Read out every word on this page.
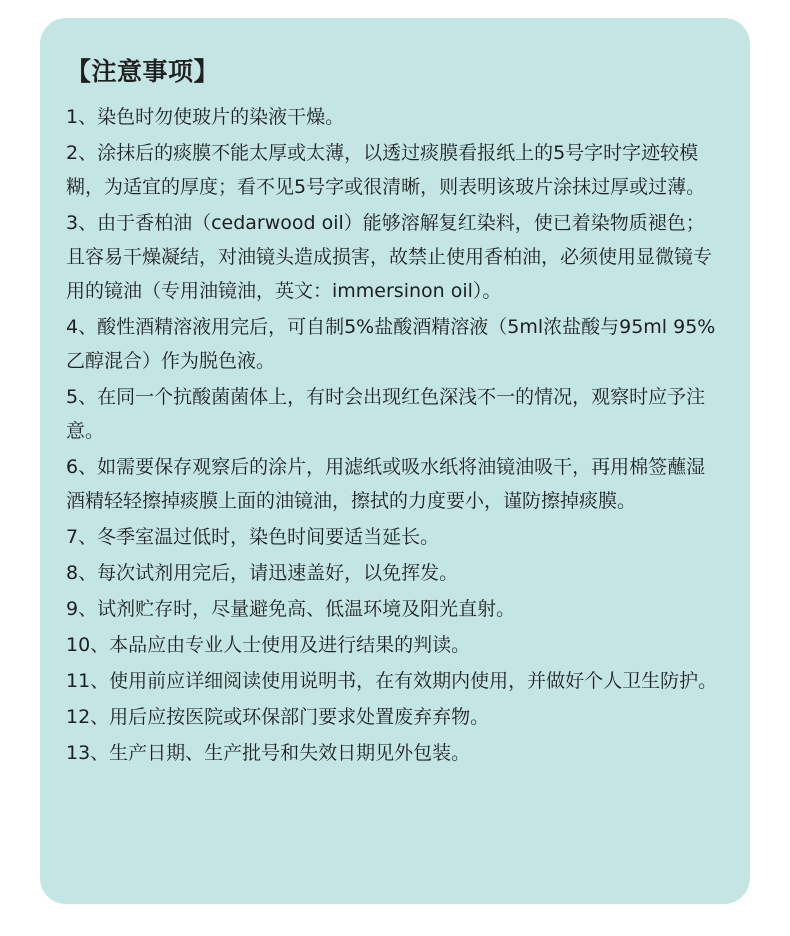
【注意事项】
1、染色时勿使玻片的染液干燥。
2、涂抹后的痰膜不能太厚或太薄，以透过痰膜看报纸上的5号字时字迹较模糊，为适宜的厚度；看不见5号字或很清晰，则表明该玻片涂抹过厚或过薄。
3、由于香柏油（cedarwood oil）能够溶解复红染料，使已着染物质褪色；且容易干燥凝结，对油镜头造成损害，故禁止使用香柏油，必须使用显微镜专用的镜油（专用油镜油，英文：immersinon oil）。
4、酸性酒精溶液用完后，可自制5%盐酸酒精溶液（5ml浓盐酸与95ml 95%乙醇混合）作为脱色液。
5、在同一个抗酸菌菌体上，有时会出现红色深浅不一的情况，观察时应予注意。
6、如需要保存观察后的涂片，用滤纸或吸水纸将油镜油吸干，再用棉签蘸湿酒精轻轻擦掉痰膜上面的油镜油，擦拭的力度要小，谨防擦掉痰膜。
7、冬季室温过低时，染色时间要适当延长。
8、每次试剂用完后，请迅速盖好，以免挥发。
9、试剂贮存时，尽量避免高、低温环境及阳光直射。
10、本品应由专业人士使用及进行结果的判读。
11、使用前应详细阅读使用说明书，在有效期内使用，并做好个人卫生防护。
12、用后应按医院或环保部门要求处置废弃弃物。
13、生产日期、生产批号和失效日期见外包装。
